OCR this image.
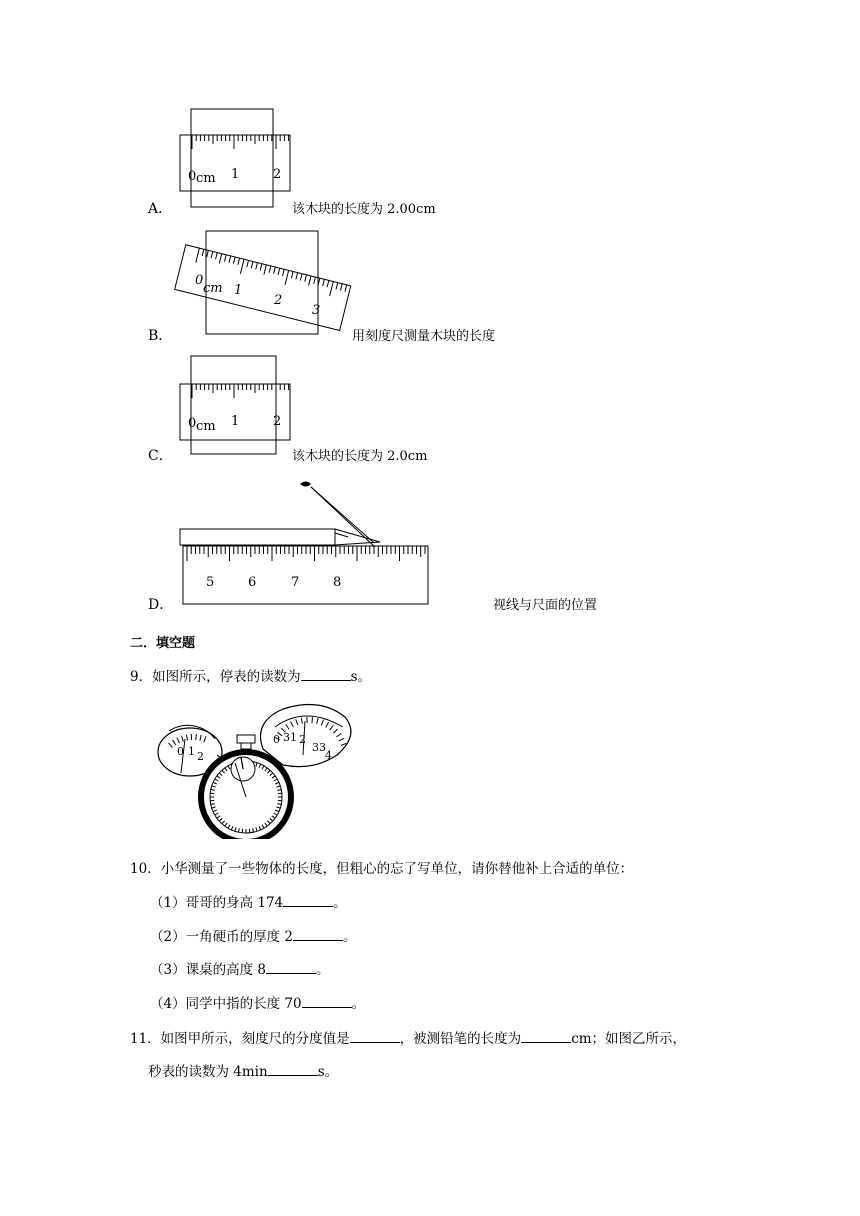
0 cm 1	2
A．	该木块的长度为 2.00cm
0
cm 1
2
3
B．	用刻度尺测量木块的长度
0 cm 1	2
C．	该木块的长度为 2.0cm
5	6	7	8
D．	视线与尺面的位置
二．填空题
9．如图所示，停表的读数为	s。
0 1 2
0 31 2
33
4
10．小华测量了一些物体的长度，但粗心的忘了写单位，请你替他补上合适的单位：
（1）哥哥的身高 174	。
（2）一角硬币的厚度 2	。
（3）课桌的高度 8	。
（4）同学中指的长度 70	。
11．如图甲所示，刻度尺的分度值是	，被测铅笔的长度为	cm；如图乙所示，
秒表的读数为 4min	s。
